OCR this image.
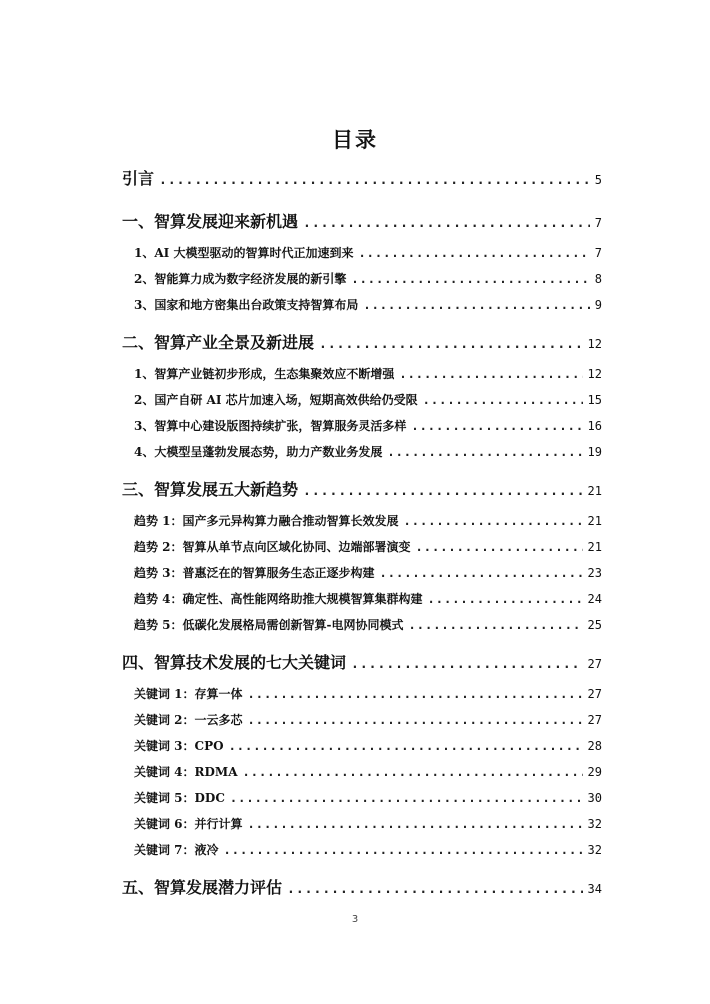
目录
引言 .....	5
一、智算发展迎来新机遇 .....	7
1、AI 大模型驱动的智算时代正加速到来 .....	7
2、智能算力成为数字经济发展的新引擎 .....	8
3、国家和地方密集出台政策支持智算布局 .....	9
二、智算产业全景及新进展 .....	12
1、智算产业链初步形成，生态集聚效应不断增强 .....	12
2、国产自研 AI 芯片加速入场，短期高效供给仍受限 .....	15
3、智算中心建设版图持续扩张，智算服务灵活多样 .....	16
4、大模型呈蓬勃发展态势，助力产数业务发展 .....	19
三、智算发展五大新趋势 .....	21
趋势 1：国产多元异构算力融合推动智算长效发展 .....	21
趋势 2：智算从单节点向区域化协同、边端部署演变 .....	21
趋势 3：普惠泛在的智算服务生态正逐步构建 .....	23
趋势 4：确定性、高性能网络助推大规模智算集群构建 .....	24
趋势 5：低碳化发展格局需创新智算-电网协同模式 .....	25
四、智算技术发展的七大关键词 .....	27
关键词 1：存算一体 .....	27
关键词 2：一云多芯 .....	27
关键词 3：CPO .....	28
关键词 4：RDMA .....	29
关键词 5：DDC .....	30
关键词 6：并行计算 .....	32
关键词 7：液冷 .....	32
五、智算发展潜力评估 .....	34
3
